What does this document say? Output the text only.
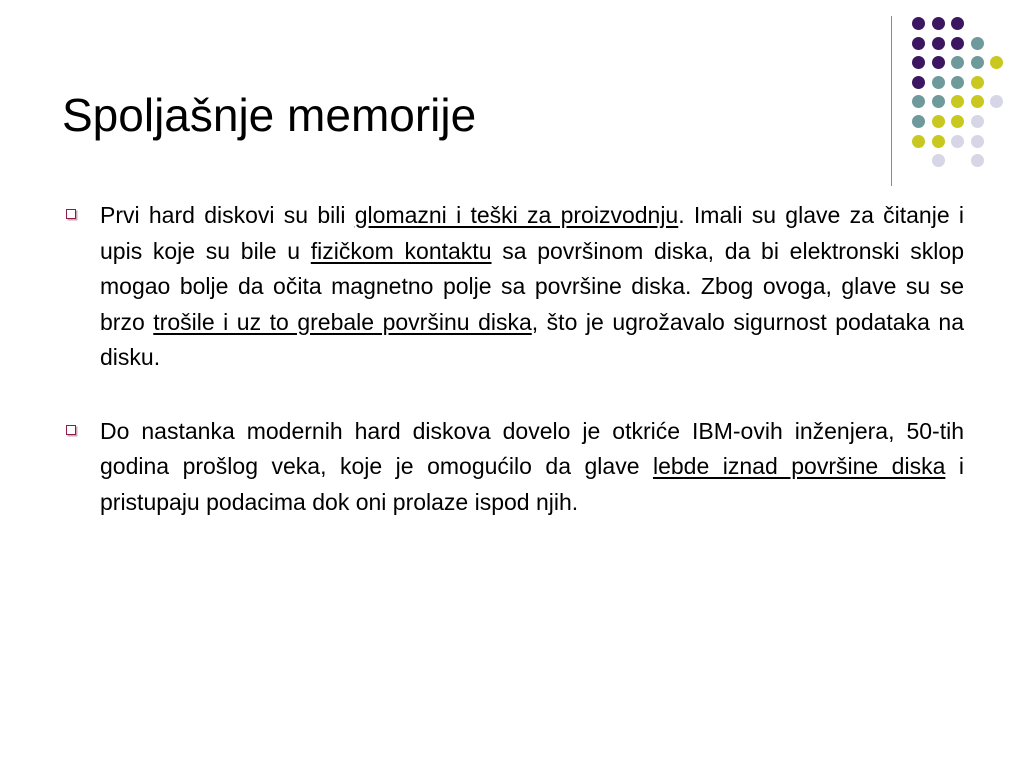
Spoljašnje memorije

Prvi hard diskovi su bili glomazni i teški za proizvodnju. Imali su glave za čitanje i upis koje su bile u fizičkom kontaktu sa površinom diska, da bi elektronski sklop mogao bolje da očita magnetno polje sa površine diska. Zbog ovoga, glave su se brzo trošile i uz to grebale površinu diska, što je ugrožavalo sigurnost podataka na disku.

Do nastanka modernih hard diskova dovelo je otkriće IBM-ovih inženjera, 50-tih godina prošlog veka, koje je omogućilo da glave lebde iznad površine diska i pristupaju podacima dok oni prolaze ispod njih.
